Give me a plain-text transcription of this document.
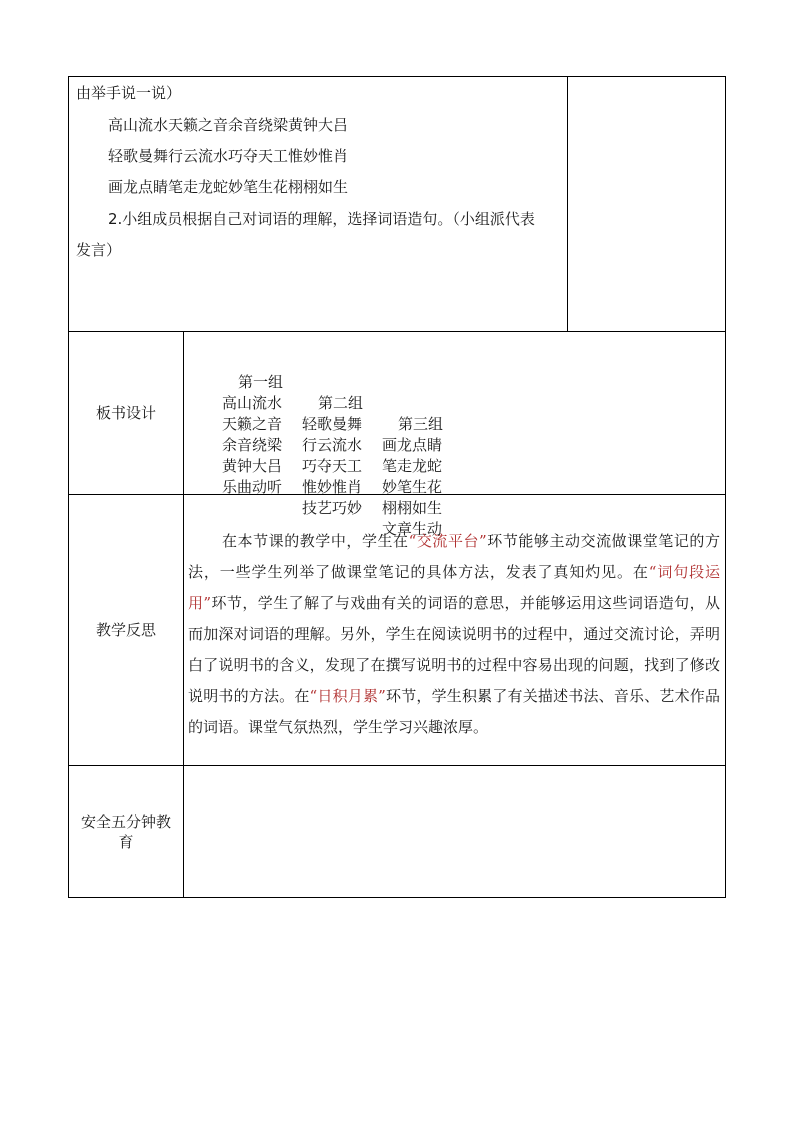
由举手说一说）
高山流水天籁之音余音绕梁黄钟大吕
轻歌曼舞行云流水巧夺天工惟妙惟肖
画龙点睛笔走龙蛇妙笔生花栩栩如生
2.小组成员根据自己对词语的理解，选择词语造句。（小组派代表
发言）
板书设计

第一组

第二组

第三组

高山流水

轻歌曼舞

画龙点睛

天籁之音

行云流水

笔走龙蛇

余音绕梁

巧夺天工

妙笔生花

黄钟大吕

惟妙惟肖

栩栩如生

乐曲动听

技艺巧妙

文章生动

教学反思
在本节课的教学中，学生在“交流平台”环节能够主动交流做课堂笔记的方法，一些学生列举了做课堂笔记的具体方法，发表了真知灼见。在“词句段运用”环节，学生了解了与戏曲有关的词语的意思，并能够运用这些词语造句，从而加深对词语的理解。另外，学生在阅读说明书的过程中，通过交流讨论，弄明白了说明书的含义，发现了在撰写说明书的过程中容易出现的问题，找到了修改说明书的方法。在“日积月累”环节，学生积累了有关描述书法、音乐、艺术作品的词语。课堂气氛热烈，学生学习兴趣浓厚。
安全五分钟教
育
